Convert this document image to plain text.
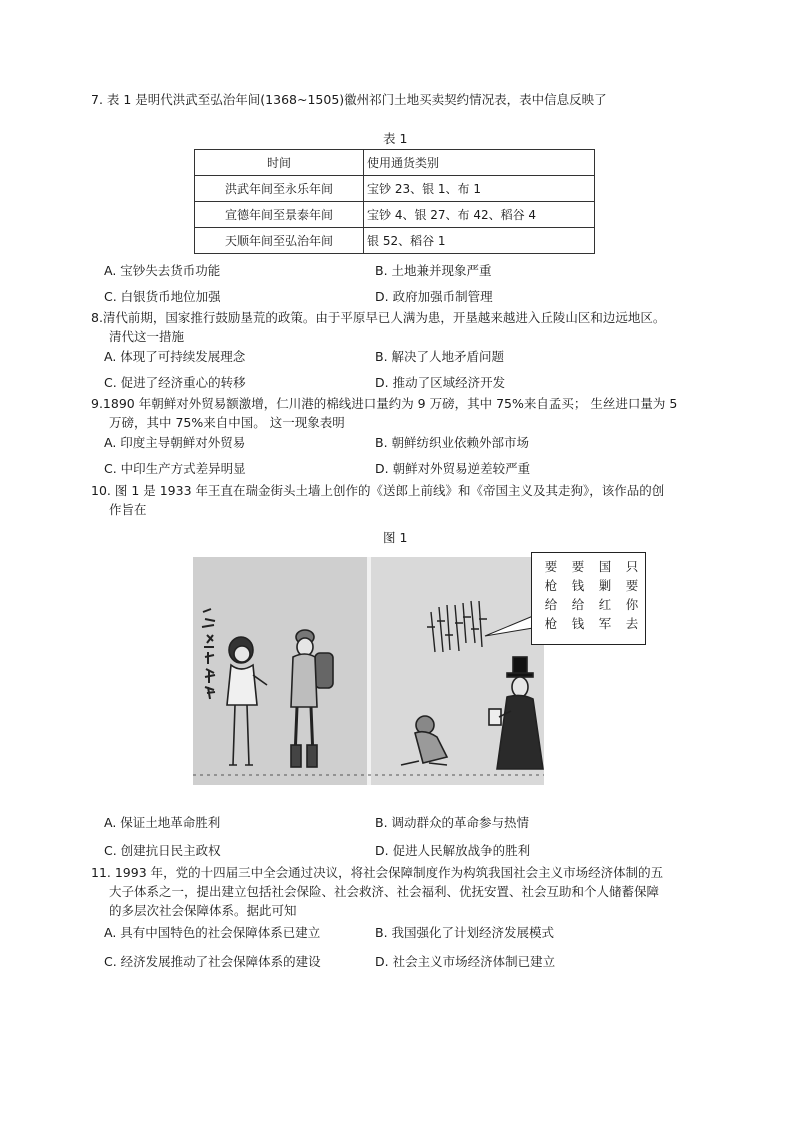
7. 表 1 是明代洪武至弘治年间(1368~1505)徽州祁门土地买卖契约情况表，表中信息反映了
表 1
时间	使用通货类别
洪武年间至永乐年间	宝钞 23、银 1、布 1
宣德年间至景泰年间	宝钞 4、银 27、布 42、稻谷 4
天顺年间至弘治年间	银 52、稻谷 1
A. 宝钞失去货币功能	B. 土地兼并现象严重
C. 白银货币地位加强	D. 政府加强币制管理
8.清代前期，国家推行鼓励垦荒的政策。由于平原早已人满为患，开垦越来越进入丘陵山区和边远地区。
清代这一措施
A. 体现了可持续发展理念	B. 解决了人地矛盾问题
C. 促进了经济重心的转移	D. 推动了区域经济开发
9.1890 年朝鲜对外贸易额激增，仁川港的棉线进口量约为 9 万磅，其中 75%来自孟买； 生丝进口量为 5
万磅，其中 75%来自中国。 这一现象表明
A. 印度主导朝鲜对外贸易	B. 朝鲜纺织业依赖外部市场
C. 中印生产方式差异明显	D. 朝鲜对外贸易逆差较严重
10. 图 1 是 1933 年王直在瑞金街头土墙上创作的《送郎上前线》和《帝国主义及其走狗》，该作品的创
作旨在
图 1
只要你去
国剿红军
要钱给钱
要枪给枪
A. 保证土地革命胜利	B. 调动群众的革命参与热情
C. 创建抗日民主政权	D. 促进人民解放战争的胜利
11. 1993 年，党的十四届三中全会通过决议，将社会保障制度作为构筑我国社会主义市场经济体制的五
大子体系之一，提出建立包括社会保险、社会救济、社会福利、优抚安置、社会互助和个人储蓄保障
的多层次社会保障体系。据此可知
A. 具有中国特色的社会保障体系已建立	B. 我国强化了计划经济发展模式
C. 经济发展推动了社会保障体系的建设	D. 社会主义市场经济体制已建立
